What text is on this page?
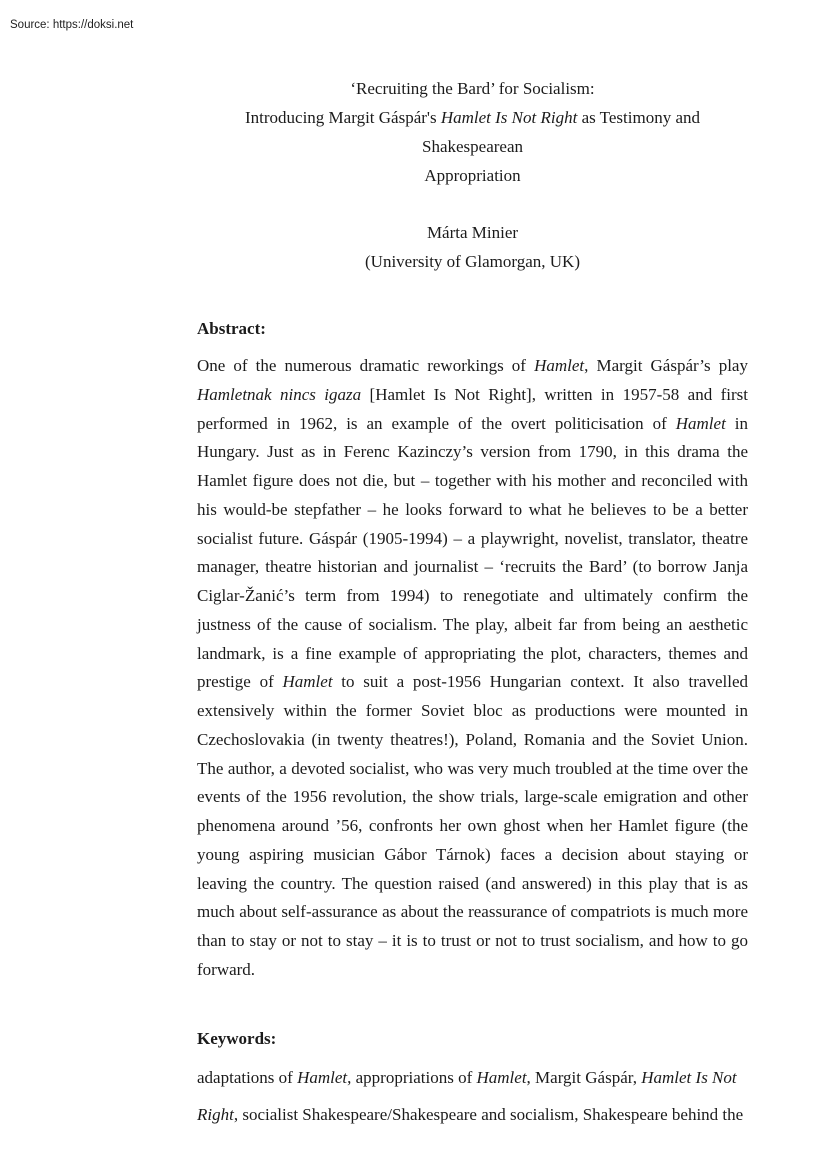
Source: https://doksi.net
‘Recruiting the Bard’ for Socialism:
Introducing Margit Gáspár's Hamlet Is Not Right as Testimony and Shakespearean
Appropriation
Márta Minier
(University of Glamorgan, UK)
Abstract:

One of the numerous dramatic reworkings of Hamlet, Margit Gáspár’s play Hamletnak nincs igaza [Hamlet Is Not Right], written in 1957-58 and first performed in 1962, is an example of the overt politicisation of Hamlet in Hungary. Just as in Ferenc Kazinczy’s version from 1790, in this drama the Hamlet figure does not die, but – together with his mother and reconciled with his would-be stepfather – he looks forward to what he believes to be a better socialist future. Gáspár (1905-1994) – a playwright, novelist, translator, theatre manager, theatre historian and journalist – ‘recruits the Bard’ (to borrow Janja Ciglar-Žanić’s term from 1994) to renegotiate and ultimately confirm the justness of the cause of socialism. The play, albeit far from being an aesthetic landmark, is a fine example of appropriating the plot, characters, themes and prestige of Hamlet to suit a post-1956 Hungarian context. It also travelled extensively within the former Soviet bloc as productions were mounted in Czechoslovakia (in twenty theatres!), Poland, Romania and the Soviet Union. The author, a devoted socialist, who was very much troubled at the time over the events of the 1956 revolution, the show trials, large-scale emigration and other phenomena around ’56, confronts her own ghost when her Hamlet figure (the young aspiring musician Gábor Tárnok) faces a decision about staying or leaving the country. The question raised (and answered) in this play that is as much about self-assurance as about the reassurance of compatriots is much more than to stay or not to stay – it is to trust or not to trust socialism, and how to go forward.

Keywords:
adaptations of Hamlet, appropriations of Hamlet, Margit Gáspár, Hamlet Is Not
Right, socialist Shakespeare/Shakespeare and socialism, Shakespeare behind the
